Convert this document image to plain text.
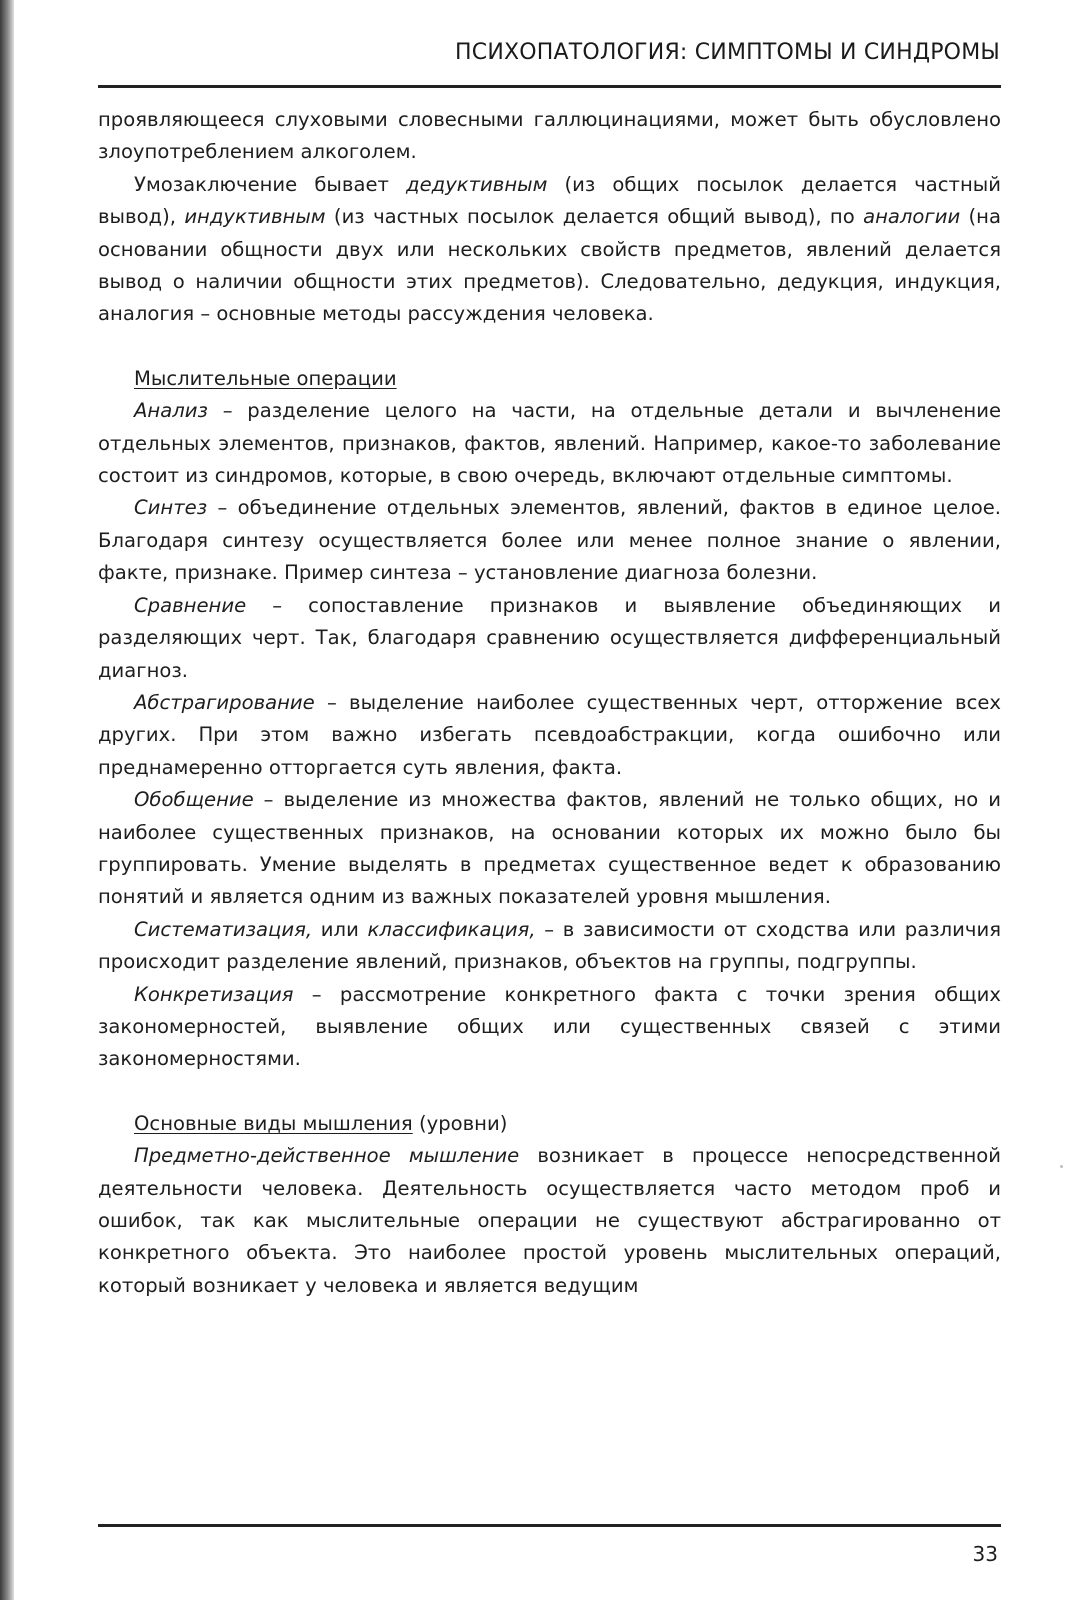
ПСИХОПАТОЛОГИЯ: СИМПТОМЫ И СИНДРОМЫ

проявляющееся слуховыми словесными галлюцинациями, может быть обусловлено злоупотреблением алкоголем.

Умозаключение бывает дедуктивным (из общих посылок делается частный вывод), индуктивным (из частных посылок делается общий вывод), по аналогии (на основании общности двух или нескольких свойств предметов, явлений делается вывод о наличии общности этих предметов). Следовательно, дедукция, индукция, аналогия – основные методы рассуждения человека.

Мыслительные операции

Анализ – разделение целого на части, на отдельные детали и вычленение отдельных элементов, признаков, фактов, явлений. Например, какое-то заболевание состоит из синдромов, которые, в свою очередь, включают отдельные симптомы.

Синтез – объединение отдельных элементов, явлений, фактов в единое целое. Благодаря синтезу осуществляется более или менее полное знание о явлении, факте, признаке. Пример синтеза – установление диагноза болезни.

Сравнение – сопоставление признаков и выявление объединяющих и разделяющих черт. Так, благодаря сравнению осуществляется дифференциальный диагноз.

Абстрагирование – выделение наиболее существенных черт, отторжение всех других. При этом важно избегать псевдоабстракции, когда ошибочно или преднамеренно отторгается суть явления, факта.

Обобщение – выделение из множества фактов, явлений не только общих, но и наиболее существенных признаков, на основании которых их можно было бы группировать. Умение выделять в предметах существенное ведет к образованию понятий и является одним из важных показателей уровня мышления.

Систематизация, или классификация, – в зависимости от сходства или различия происходит разделение явлений, признаков, объектов на группы, подгруппы.

Конкретизация – рассмотрение конкретного факта с точки зрения общих закономерностей, выявление общих или существенных связей с этими закономерностями.

Основные виды мышления (уровни)

Предметно-действенное мышление возникает в процессе непосредственной деятельности человека. Деятельность осуществляется часто методом проб и ошибок, так как мыслительные операции не существуют абстрагированно от конкретного объекта. Это наиболее простой уровень мыслительных операций, который возникает у человека и является ведущим

33
